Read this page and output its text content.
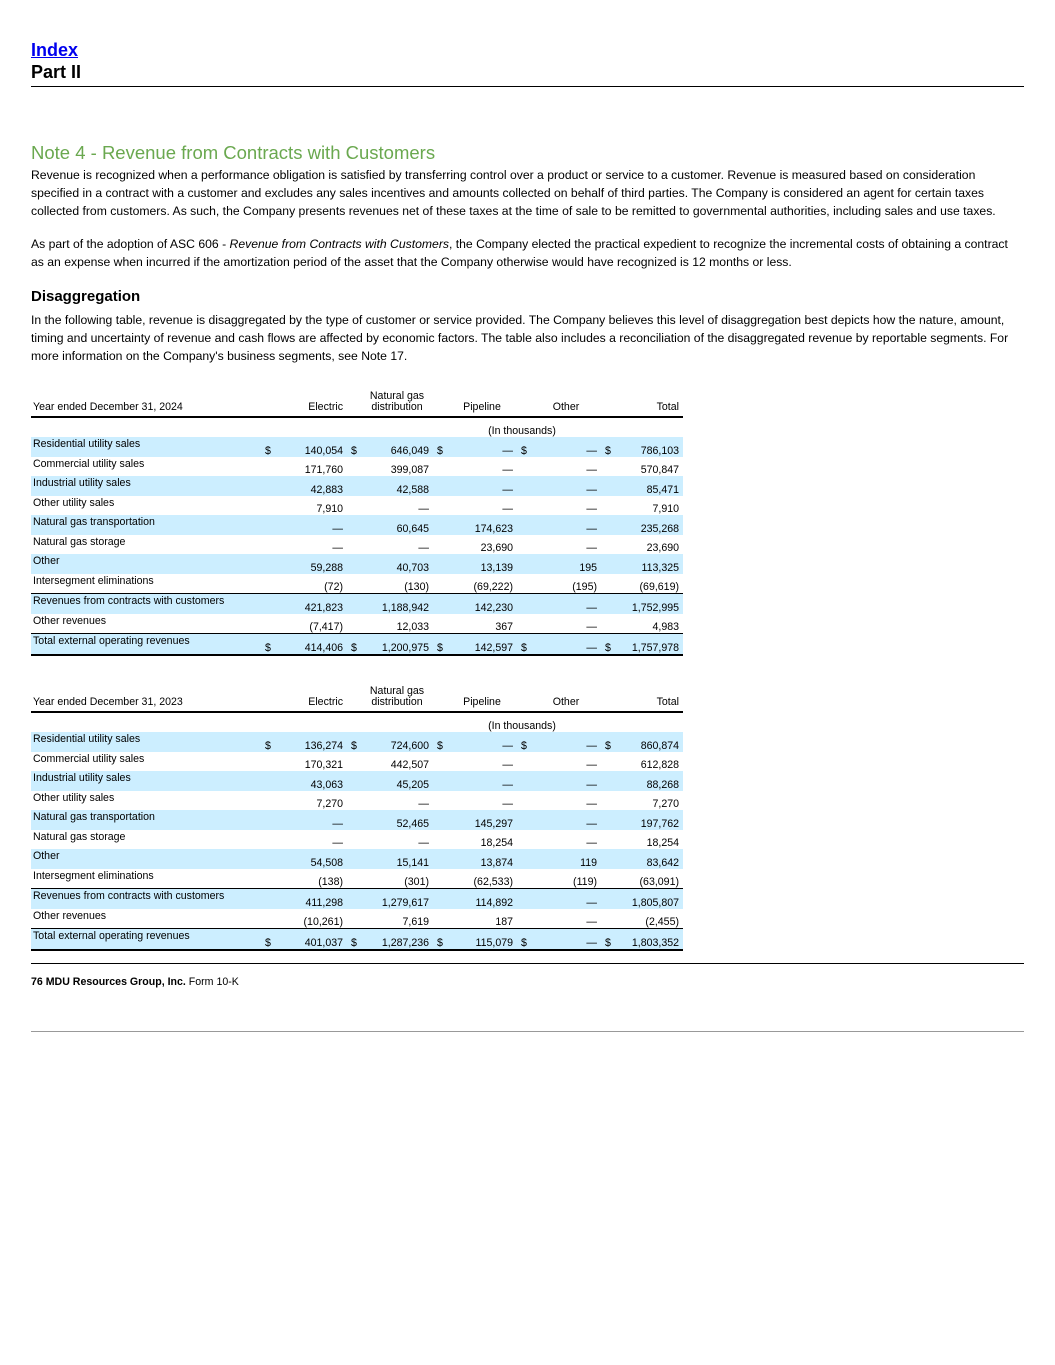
Index
Part II
Note 4 - Revenue from Contracts with Customers
Revenue is recognized when a performance obligation is satisfied by transferring control over a product or service to a customer. Revenue is measured based on consideration specified in a contract with a customer and excludes any sales incentives and amounts collected on behalf of third parties. The Company is considered an agent for certain taxes collected from customers. As such, the Company presents revenues net of these taxes at the time of sale to be remitted to governmental authorities, including sales and use taxes.
As part of the adoption of ASC 606 - Revenue from Contracts with Customers, the Company elected the practical expedient to recognize the incremental costs of obtaining a contract as an expense when incurred if the amortization period of the asset that the Company otherwise would have recognized is 12 months or less.
Disaggregation
In the following table, revenue is disaggregated by the type of customer or service provided. The Company believes this level of disaggregation best depicts how the nature, amount, timing and uncertainty of revenue and cash flows are affected by economic factors. The table also includes a reconciliation of the disaggregated revenue by reportable segments. For more information on the Company's business segments, see Note 17.
Year ended December 31, 2024		Electric		Natural gas
distribution		Pipeline		Other		Total
	(In thousands)									
Residential utility sales	$	140,054	$	646,049	$	—	$	—	$	786,103
Commercial utility sales		171,760		399,087		—		—		570,847
Industrial utility sales		42,883		42,588		—		—		85,471
Other utility sales		7,910		—		—		—		7,910
Natural gas transportation		—		60,645		174,623		—		235,268
Natural gas storage		—		—		23,690		—		23,690
Other		59,288		40,703		13,139		195		113,325
Intersegment eliminations		(72)		(130)		(69,222)		(195)		(69,619)
Revenues from contracts with customers		421,823		1,188,942		142,230		—		1,752,995
Other revenues		(7,417)		12,033		367		—		4,983
Total external operating revenues	$	414,406	$	1,200,975	$	142,597	$	—	$	1,757,978
Year ended December 31, 2023		Electric		Natural gas
distribution		Pipeline		Other		Total
	(In thousands)									
Residential utility sales	$	136,274	$	724,600	$	—	$	—	$	860,874
Commercial utility sales		170,321		442,507		—		—		612,828
Industrial utility sales		43,063		45,205		—		—		88,268
Other utility sales		7,270		—		—		—		7,270
Natural gas transportation		—		52,465		145,297		—		197,762
Natural gas storage		—		—		18,254		—		18,254
Other		54,508		15,141		13,874		119		83,642
Intersegment eliminations		(138)		(301)		(62,533)		(119)		(63,091)
Revenues from contracts with customers		411,298		1,279,617		114,892		—		1,805,807
Other revenues		(10,261)		7,619		187		—		(2,455)
Total external operating revenues	$	401,037	$	1,287,236	$	115,079	$	—	$	1,803,352
76 MDU Resources Group, Inc. Form 10-K
